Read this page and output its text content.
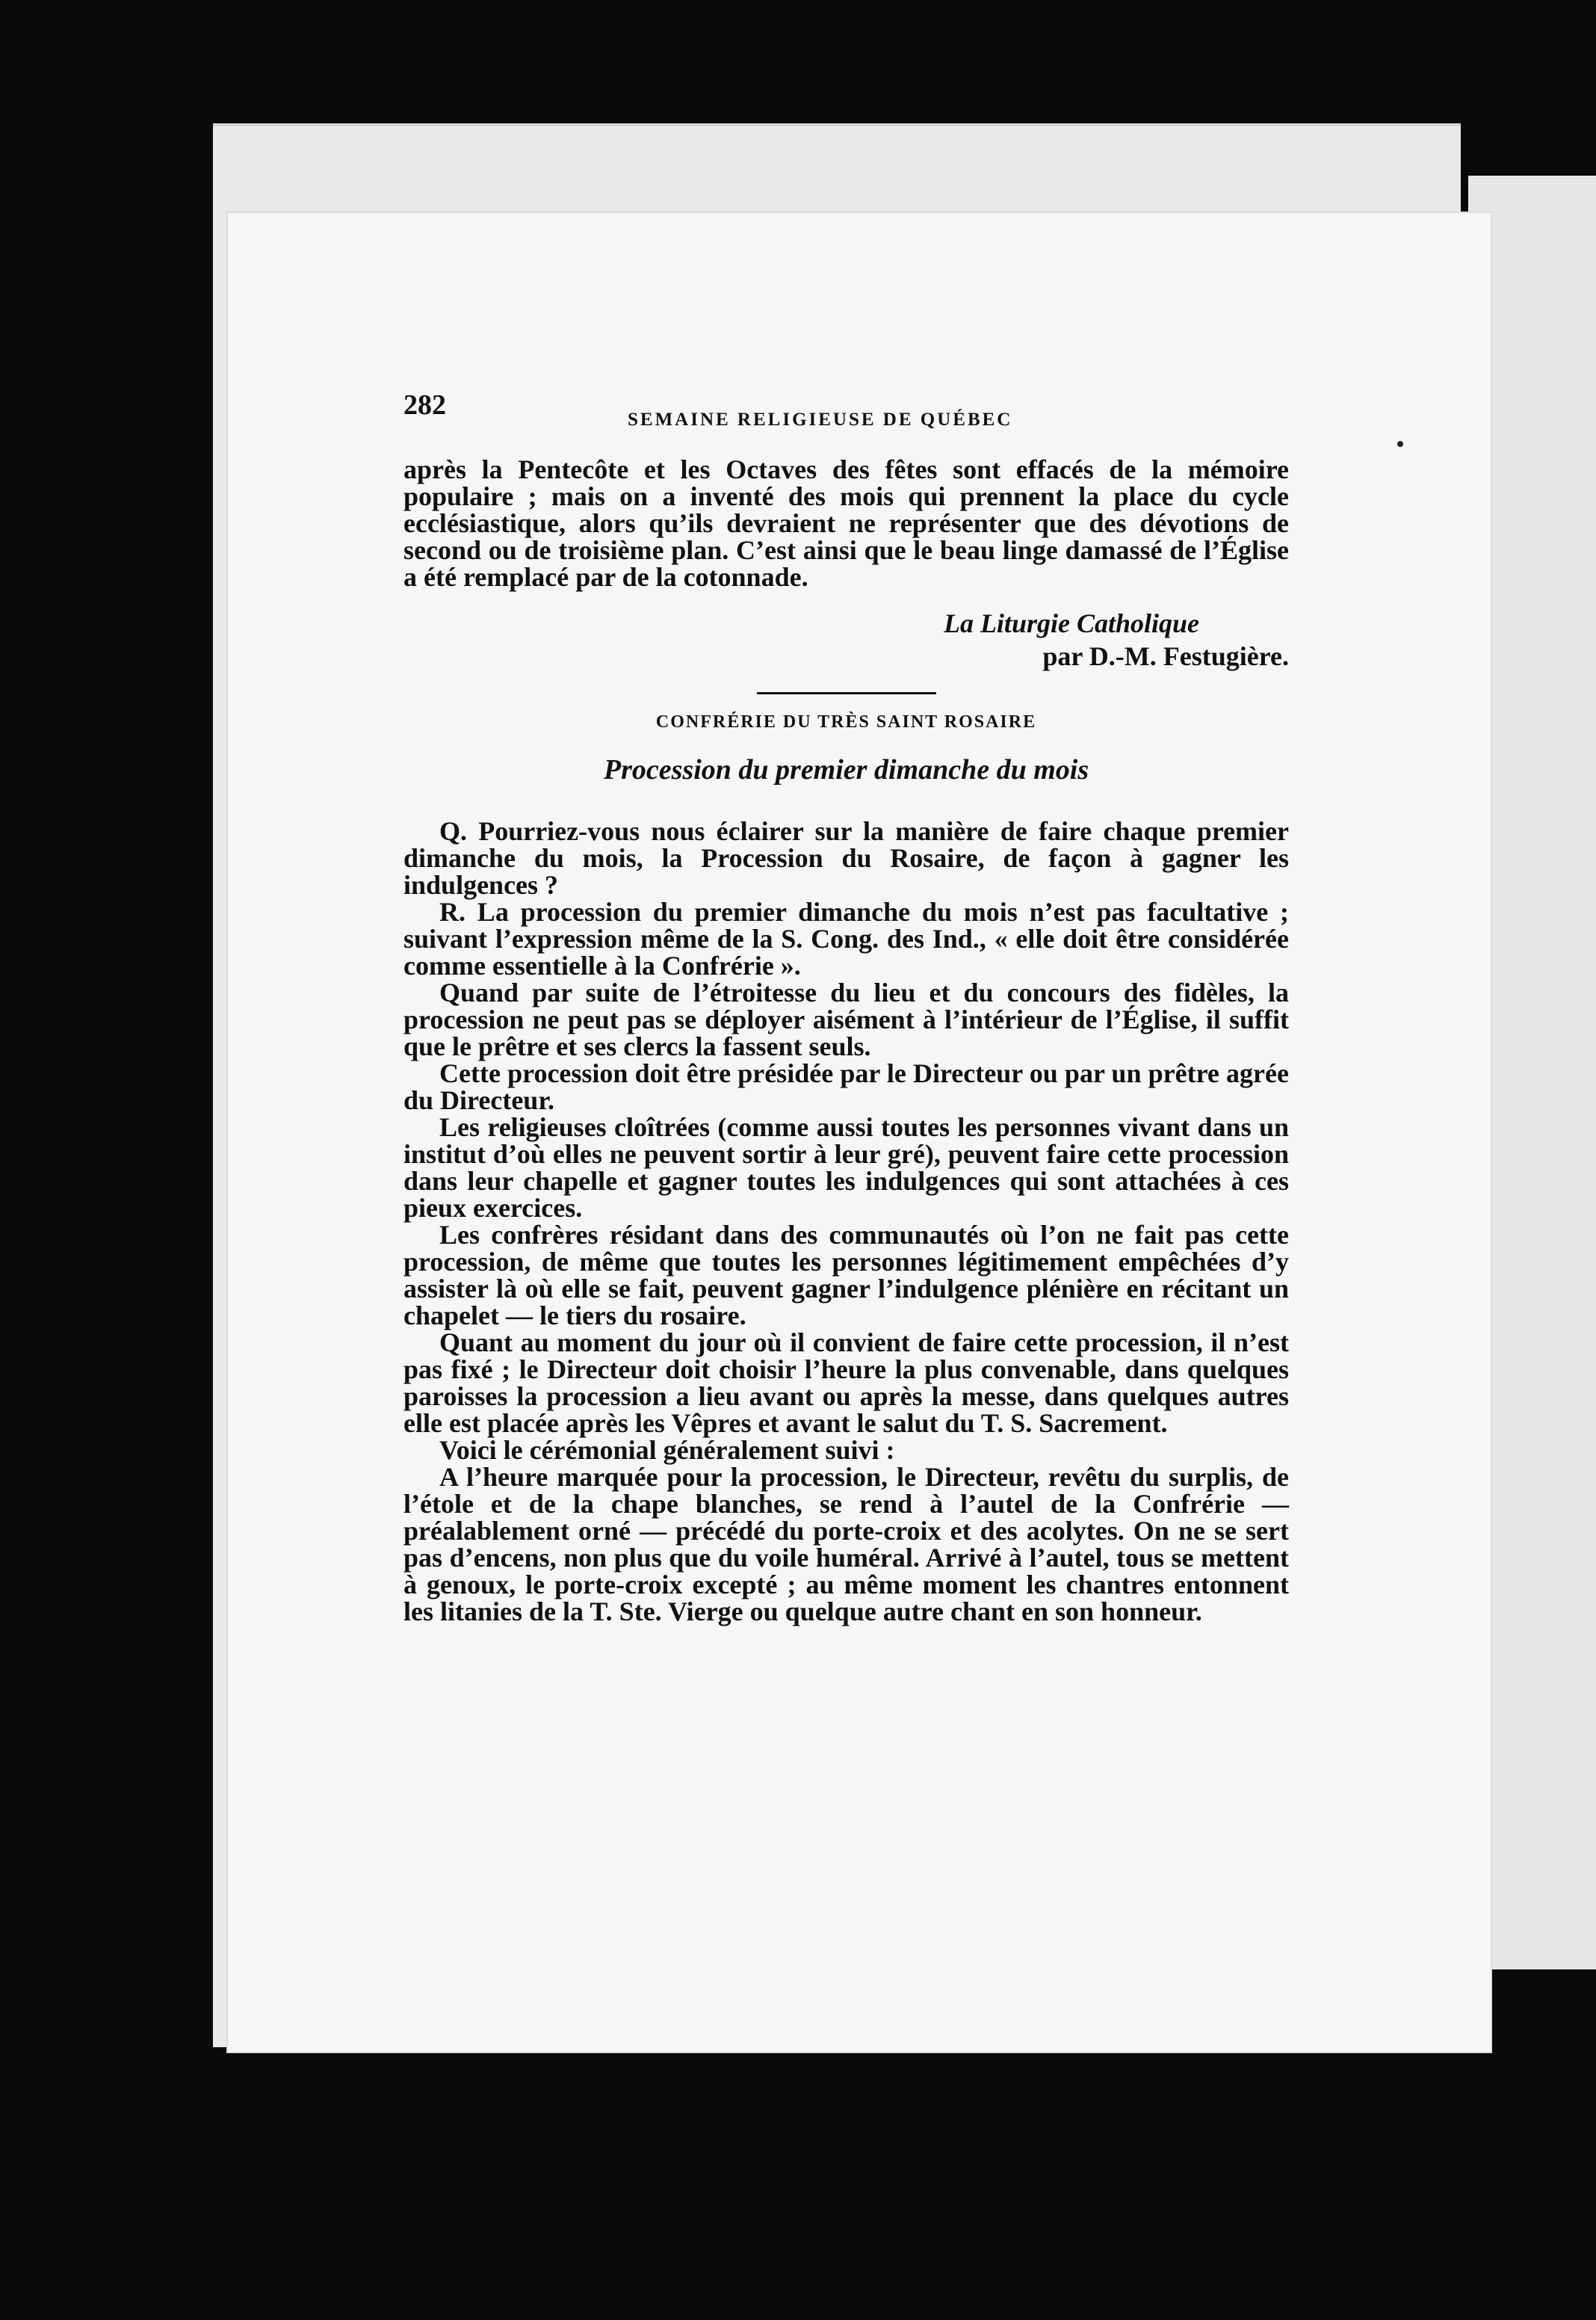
282	SEMAINE RELIGIEUSE DE QUÉBEC

après la Pentecôte et les Octaves des fêtes sont effacés de la mémoire populaire ; mais on a inventé des mois qui prennent la place du cycle ecclésiastique, alors qu’ils devraient ne représenter que des dévotions de second ou de troisième plan. C’est ainsi que le beau linge damassé de l’Église a été remplacé par de la cotonnade.

La Liturgie Catholique
par D.-M. Festugière.
CONFRÉRIE DU TRÈS SAINT ROSAIRE
Procession du premier dimanche du mois

Q. Pourriez-vous nous éclairer sur la manière de faire chaque premier dimanche du mois, la Procession du Rosaire, de façon à gagner les indulgences ?

R. La procession du premier dimanche du mois n’est pas facultative ; suivant l’expression même de la S. Cong. des Ind., « elle doit être considérée comme essentielle à la Confrérie ».

Quand par suite de l’étroitesse du lieu et du concours des fidèles, la procession ne peut pas se déployer aisément à l’intérieur de l’Église, il suffit que le prêtre et ses clercs la fassent seuls.

Cette procession doit être présidée par le Directeur ou par un prêtre agrée du Directeur.

Les religieuses cloîtrées (comme aussi toutes les personnes vivant dans un institut d’où elles ne peuvent sortir à leur gré), peuvent faire cette procession dans leur chapelle et gagner toutes les indulgences qui sont attachées à ces pieux exercices.

Les confrères résidant dans des communautés où l’on ne fait pas cette procession, de même que toutes les personnes légitimement empêchées d’y assister là où elle se fait, peuvent gagner l’indulgence plénière en récitant un chapelet — le tiers du rosaire.

Quant au moment du jour où il convient de faire cette procession, il n’est pas fixé ; le Directeur doit choisir l’heure la plus convenable, dans quelques paroisses la procession a lieu avant ou après la messe, dans quelques autres elle est placée après les Vêpres et avant le salut du T. S. Sacrement.

Voici le cérémonial généralement suivi :

A l’heure marquée pour la procession, le Directeur, revêtu du surplis, de l’étole et de la chape blanches, se rend à l’autel de la Confrérie — préalablement orné — précédé du porte-croix et des acolytes. On ne se sert pas d’encens, non plus que du voile huméral. Arrivé à l’autel, tous se mettent à genoux, le porte-croix excepté ; au même moment les chantres entonnent les litanies de la T. Ste. Vierge ou quelque autre chant en son honneur.
